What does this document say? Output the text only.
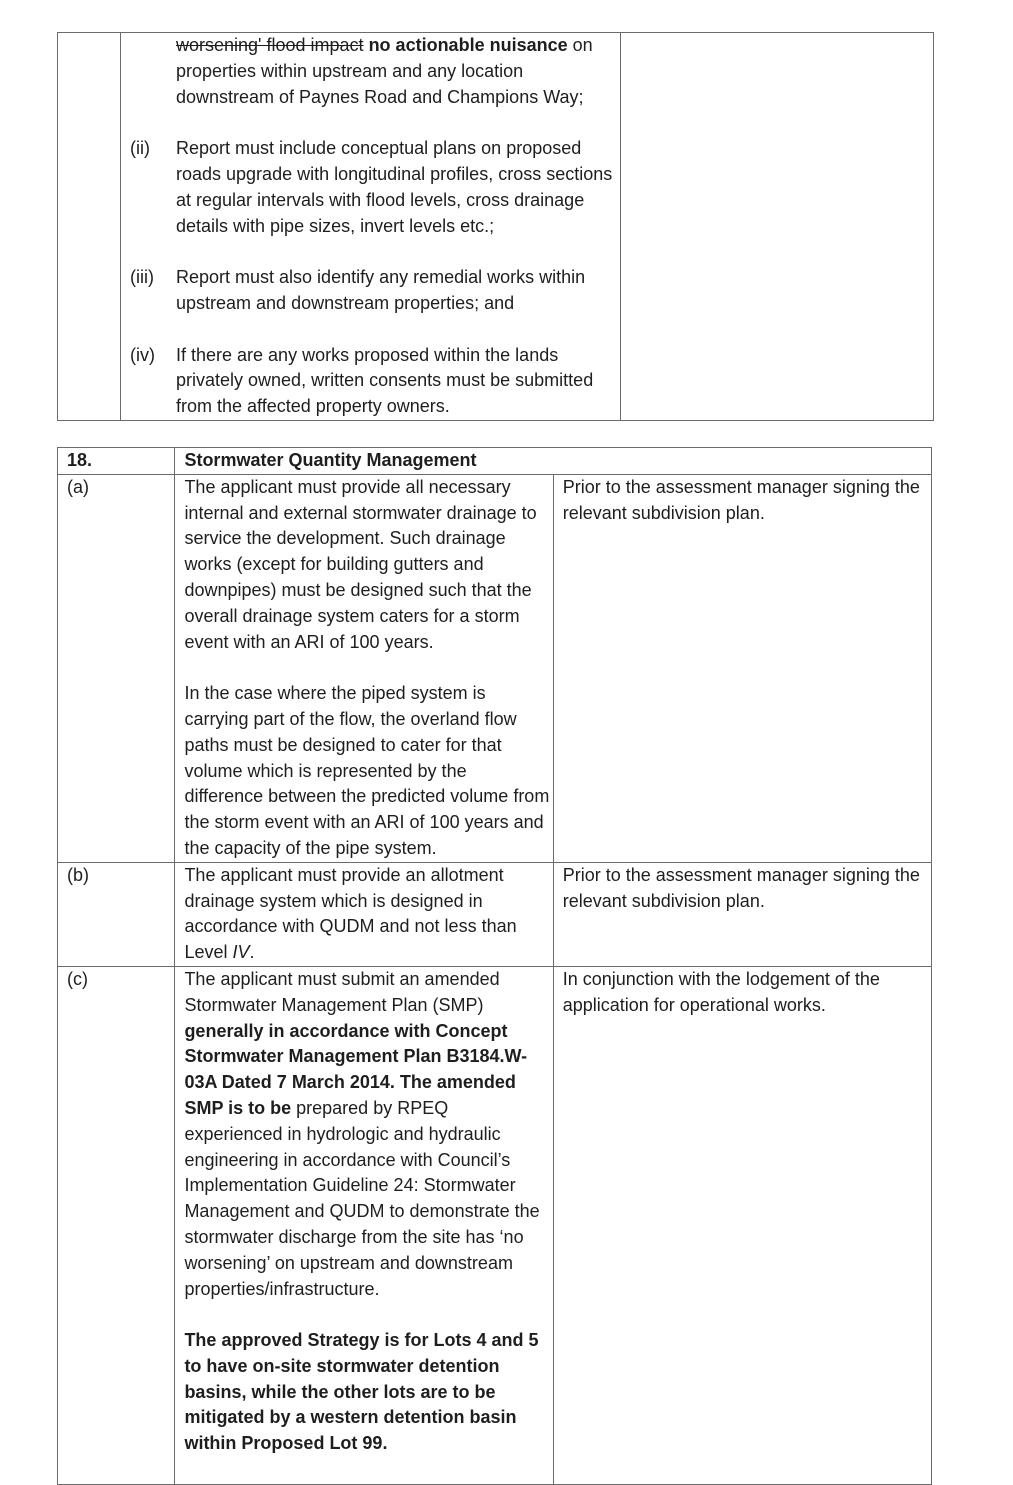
worsening' flood impact no actionable nuisance on properties within upstream and any location downstream of Paynes Road and Champions Way;
(ii)	Report must include conceptual plans on proposed roads upgrade with longitudinal profiles, cross sections at regular intervals with flood levels, cross drainage details with pipe sizes, invert levels etc.;
(iii)	Report must also identify any remedial works within upstream and downstream properties; and
(iv)	If there are any works proposed within the lands privately owned, written consents must be submitted from the affected property owners.

18.	Stormwater Quantity Management	
(a)	The applicant must provide all necessary internal and external stormwater drainage to service the development. Such drainage works (except for building gutters and downpipes) must be designed such that the overall drainage system caters for a storm event with an ARI of 100 years.
In the case where the piped system is carrying part of the flow, the overland flow paths must be designed to cater for that volume which is represented by the difference between the predicted volume from the storm event with an ARI of 100 years and the capacity of the pipe system.	Prior to the assessment manager signing the relevant subdivision plan.
(b)	The applicant must provide an allotment drainage system which is designed in accordance with QUDM and not less than Level IV.	Prior to the assessment manager signing the relevant subdivision plan.
(c)	The applicant must submit an amended Stormwater Management Plan (SMP) generally in accordance with Concept Stormwater Management Plan B3184.W-03A Dated 7 March 2014. The amended SMP is to be prepared by RPEQ experienced in hydrologic and hydraulic engineering in accordance with Council’s Implementation Guideline 24: Stormwater Management and QUDM to demonstrate the stormwater discharge from the site has ‘no worsening’ on upstream and downstream properties/infrastructure.
The approved Strategy is for Lots 4 and 5 to have on-site stormwater detention basins, while the other lots are to be mitigated by a western detention basin within Proposed Lot 99.	In conjunction with the lodgement of the application for operational works.
